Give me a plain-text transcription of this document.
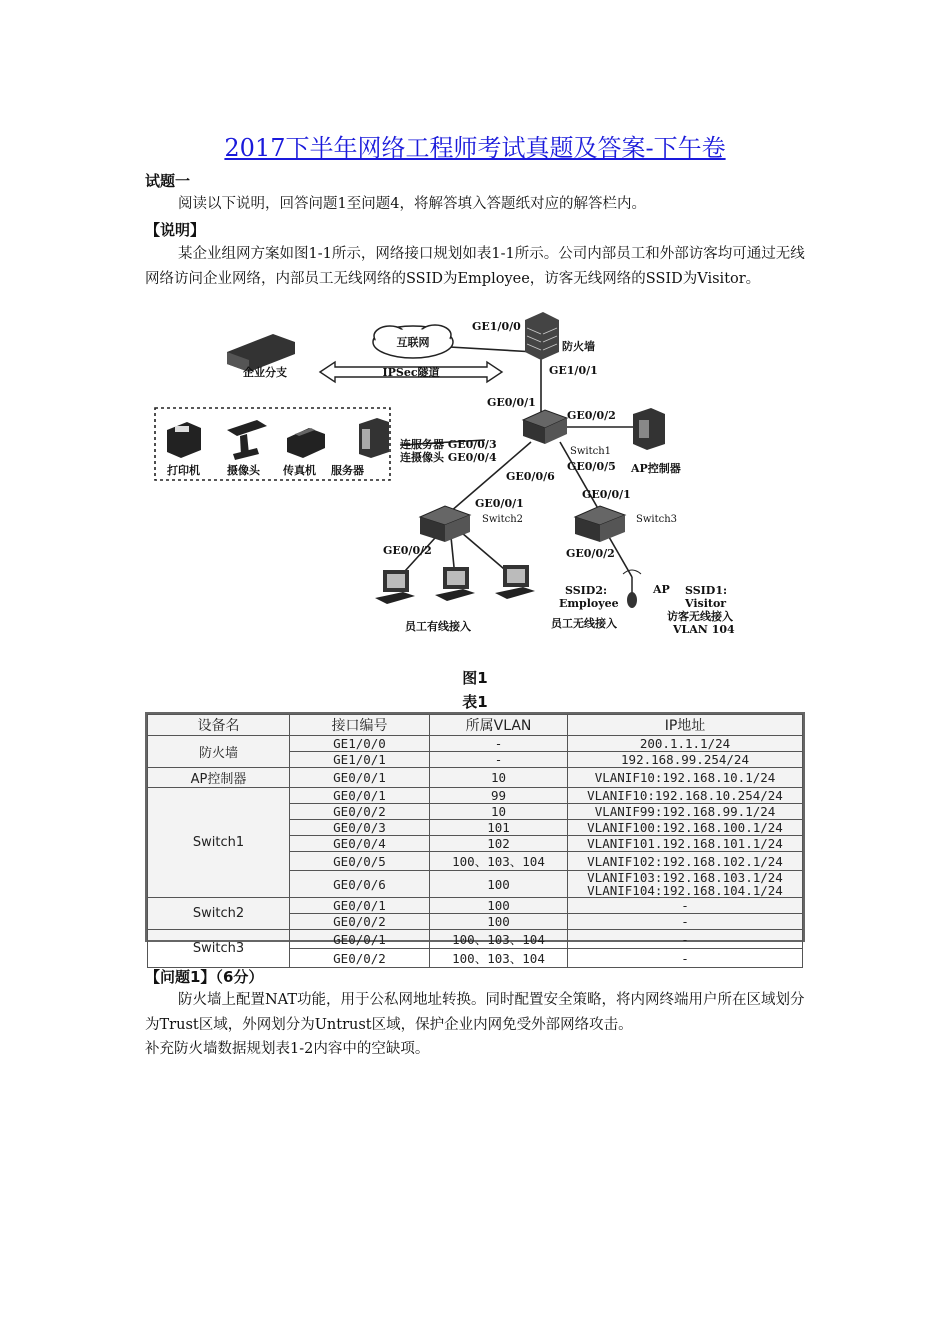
2017下半年网络工程师考试真题及答案-下午卷
试题一
阅读以下说明，回答问题1至问题4，将解答填入答题纸对应的解答栏内。
【说明】
某企业组网方案如图1-1所示，网络接口规划如表1-1所示。公司内部员工和外部访客均可通过无线网络访问企业网络，内部员工无线网络的SSID为Employee，访客无线网络的SSID为Visitor。
互联网
企业分支	IPSec隧道
防火墙
GE1/0/0
GE1/0/1
GE0/0/1
GE0/0/2
Switch1
AP控制器
打印机 摄像头 传真机 服务器
连服务器 GE0/0/3
连摄像头 GE0/0/4
GE0/0/6
GE0/0/5
GE0/0/1
Switch2
GE0/0/2
GE0/0/1
Switch3
GE0/0/2
员工有线接入
AP
SSID2:
Employee
员工无线接入
SSID1:
Visitor
访客无线接入
VLAN 104
图1
表1
设备名	接口编号	所属VLAN	IP地址
防火墙	GE1/0/0	-	200.1.1.1/24
	GE1/0/1	-	192.168.99.254/24
AP控制器	GE0/0/1	10	VLANIF10:192.168.10.1/24
Switch1	GE0/0/1	99	VLANIF10:192.168.10.254/24
	GE0/0/2	10	VLANIF99:192.168.99.1/24
	GE0/0/3	101	VLANIF100:192.168.100.1/24
	GE0/0/4	102	VLANIF101.192.168.101.1/24
	GE0/0/5	100、103、104	VLANIF102:192.168.102.1/24
	GE0/0/6	100	VLANIF103:192.168.103.1/24
VLANIF104:192.168.104.1/24

Switch2	GE0/0/1	100	-
	GE0/0/2	100	-
Switch3	GE0/0/1	100、103、104	-
	GE0/0/2	100、103、104	-
【问题1】（6分）
防火墙上配置NAT功能，用于公私网地址转换。同时配置安全策略，将内网终端用户所在区域划分为Trust区域，外网划分为Untrust区域，保护企业内网免受外部网络攻击。
补充防火墙数据规划表1-2内容中的空缺项。
